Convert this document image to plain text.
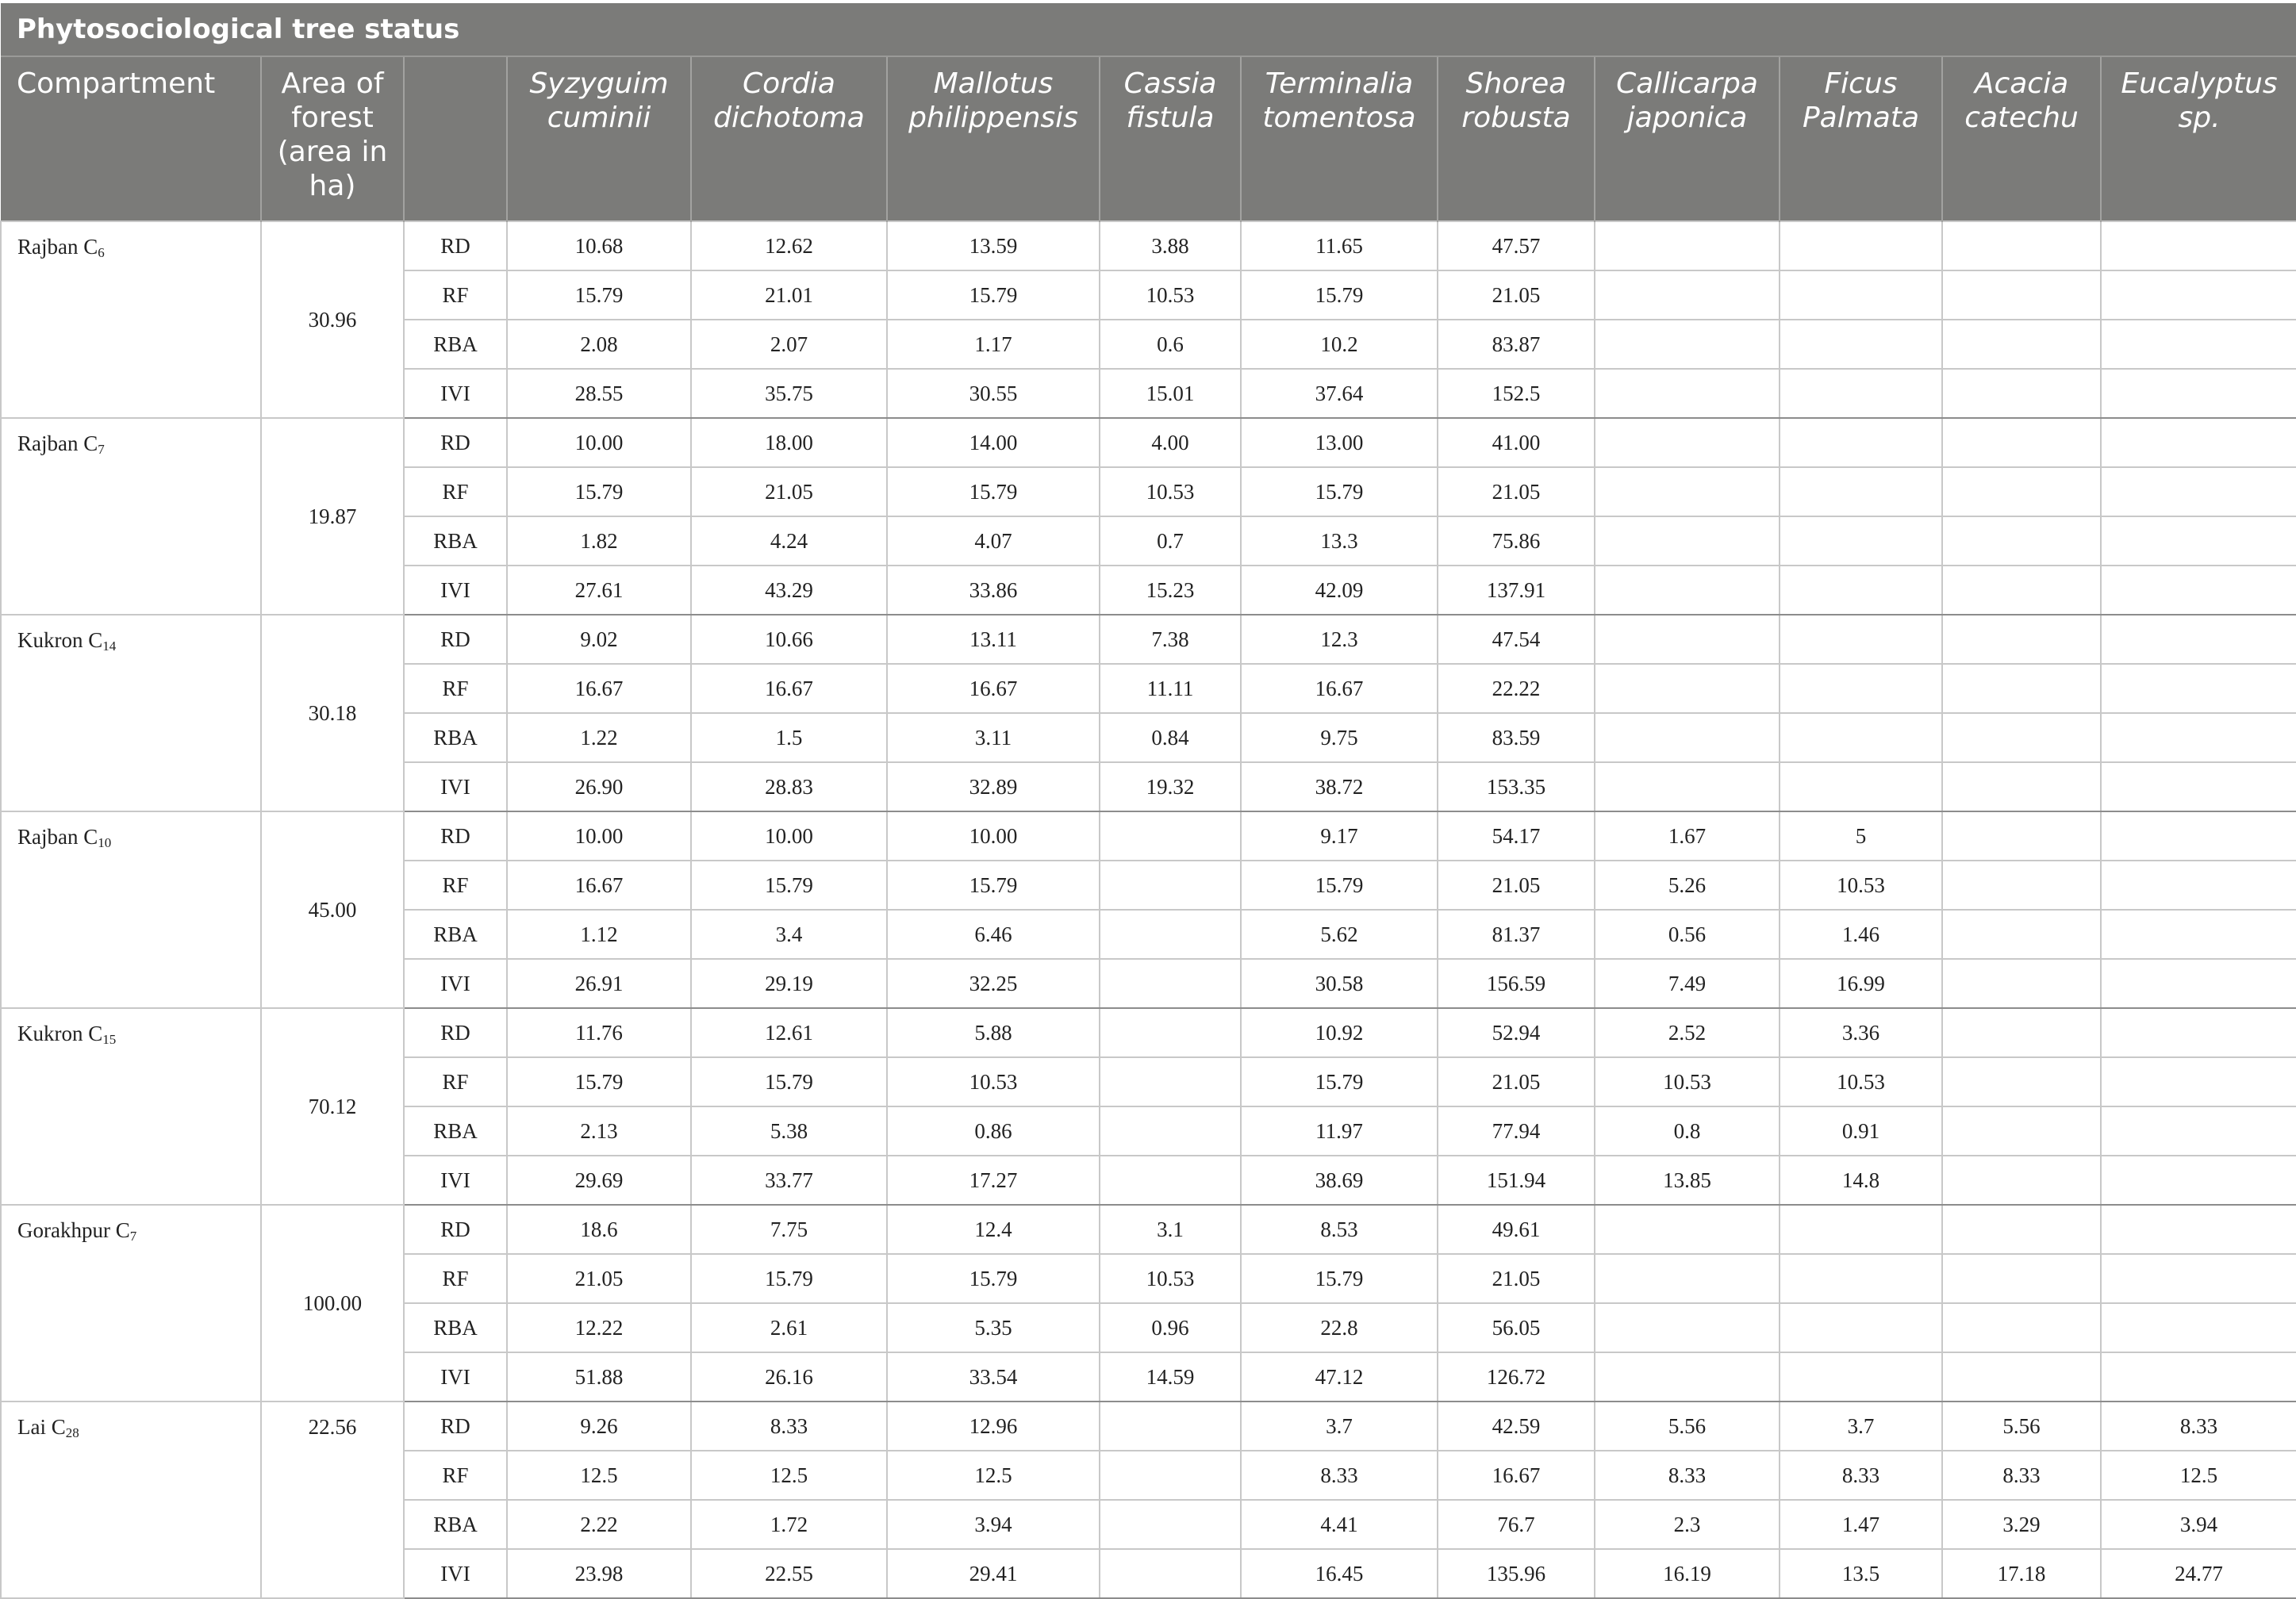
Phytosociological tree status												
Compartment	Area of forest (area in ha)		Syzyguim cuminii	Cordia dichotoma	Mallotus philippensis	Cassia fistula	Terminalia tomentosa	Shorea robusta	Callicarpa japonica	Ficus Palmata	Acacia catechu	Eucalyptus sp.
Rajban $C_6$	30.96	RD	10.68	12.62	13.59	3.88	11.65	47.57				
		RF	15.79	21.01	15.79	10.53	15.79	21.05				
		RBA	2.08	2.07	1.17	0.6	10.2	83.87				
		IVI	28.55	35.75	30.55	15.01	37.64	152.5				
Rajban $C_7$	19.87	RD	10.00	18.00	14.00	4.00	13.00	41.00				
		RF	15.79	21.05	15.79	10.53	15.79	21.05				
		RBA	1.82	4.24	4.07	0.7	13.3	75.86				
		IVI	27.61	43.29	33.86	15.23	42.09	137.91				
Kukron $C_{14}$	30.18	RD	9.02	10.66	13.11	7.38	12.3	47.54				
		RF	16.67	16.67	16.67	11.11	16.67	22.22				
		RBA	1.22	1.5	3.11	0.84	9.75	83.59				
		IVI	26.90	28.83	32.89	19.32	38.72	153.35				
Rajban $C_{10}$	45.00	RD	10.00	10.00	10.00		9.17	54.17	1.67	5		
		RF	16.67	15.79	15.79		15.79	21.05	5.26	10.53		
		RBA	1.12	3.4	6.46		5.62	81.37	0.56	1.46		
		IVI	26.91	29.19	32.25		30.58	156.59	7.49	16.99		
Kukron $C_{15}$	70.12	RD	11.76	12.61	5.88		10.92	52.94	2.52	3.36		
		RF	15.79	15.79	10.53		15.79	21.05	10.53	10.53		
		RBA	2.13	5.38	0.86		11.97	77.94	0.8	0.91		
		IVI	29.69	33.77	17.27		38.69	151.94	13.85	14.8		
Gorakhpur $C_7$	100.00	RD	18.6	7.75	12.4	3.1	8.53	49.61				
		RF	21.05	15.79	15.79	10.53	15.79	21.05				
		RBA	12.22	2.61	5.35	0.96	22.8	56.05				
		IVI	51.88	26.16	33.54	14.59	47.12	126.72				
Lai $C_{28}$	22.56	RD	9.26	8.33	12.96		3.7	42.59	5.56	3.7	5.56	8.33
		RF	12.5	12.5	12.5		8.33	16.67	8.33	8.33	8.33	12.5
		RBA	2.22	1.72	3.94		4.41	76.7	2.3	1.47	3.29	3.94
		IVI	23.98	22.55	29.41		16.45	135.96	16.19	13.5	17.18	24.77
